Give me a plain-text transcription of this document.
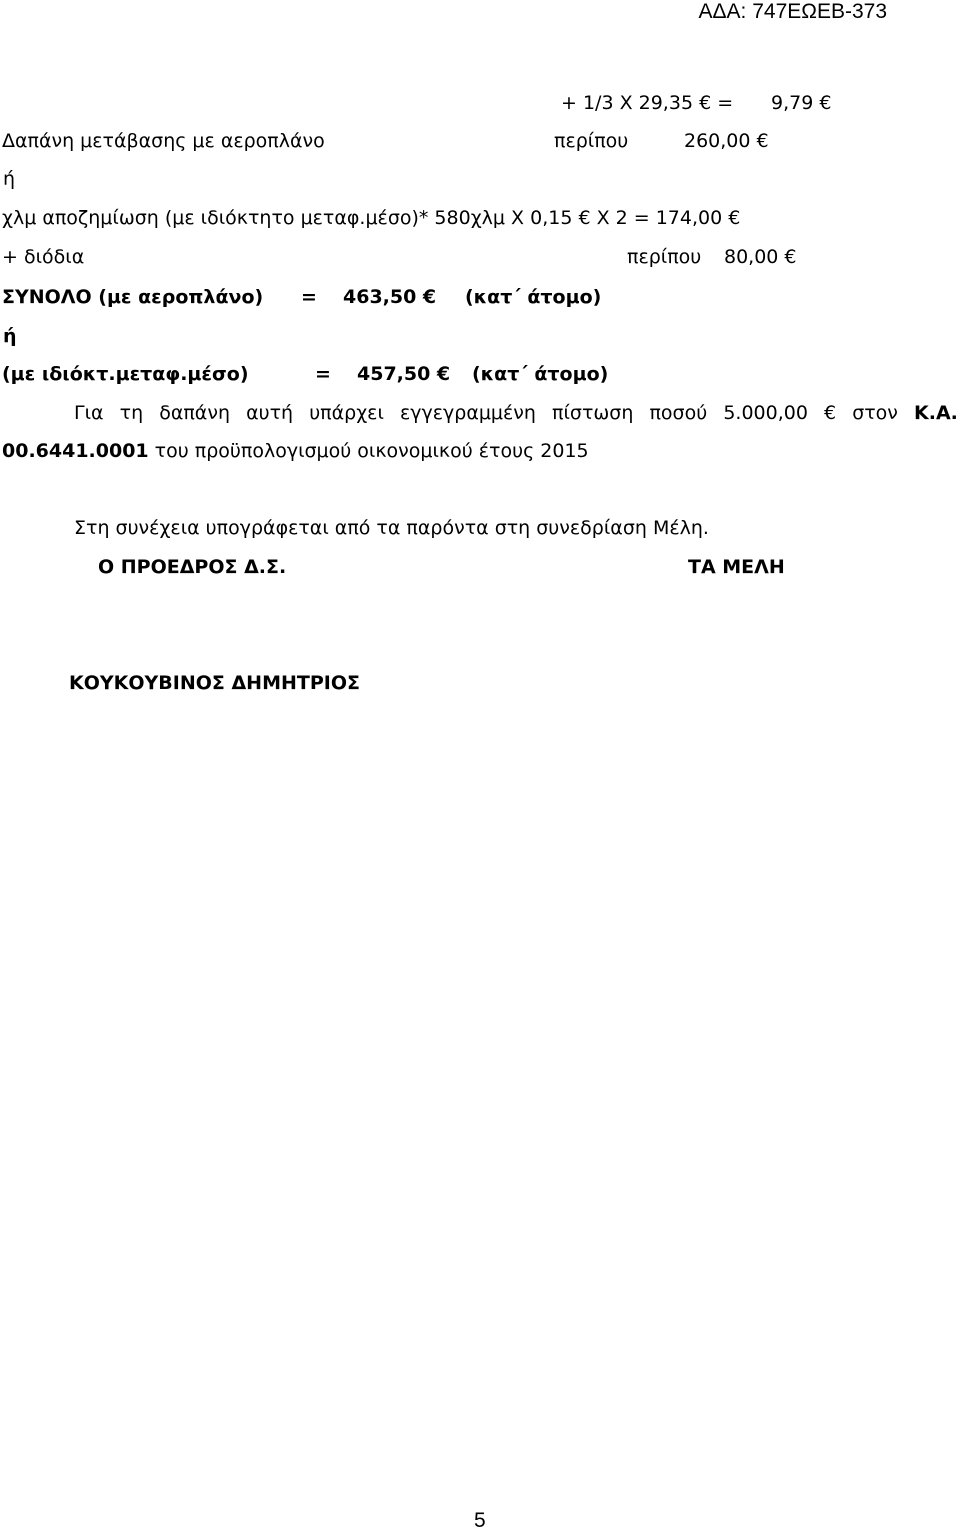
ΑΔΑ: 747ΕΩΕΒ-373
+ 1/3 Χ 29,35 € = 9,79 €
Δαπάνη μετάβασης με αεροπλάνο	περίπου	260,00 €
ή
χλμ αποζημίωση (με ιδιόκτητο μεταφ.μέσο)* 580χλμ Χ 0,15 € Χ 2 = 174,00 €
+ διόδια	περίπου 80,00 €
ΣΥΝΟΛΟ (με αεροπλάνο) = 463,50 € (κατ΄ άτομο)
ή
(με ιδιόκτ.μεταφ.μέσο)	= 457,50 € (κατ΄ άτομο)
Για τη δαπάνη αυτή υπάρχει εγγεγραμμένη πίστωση ποσού 5.000,00 € στον Κ.Α.
00.6441.0001 του προϋπολογισμού οικονομικού έτους 2015
Στη συνέχεια υπογράφεται από τα παρόντα στη συνεδρίαση Μέλη.
Ο ΠΡΟΕΔΡΟΣ Δ.Σ.	ΤΑ ΜΕΛΗ
ΚΟΥΚΟΥΒΙΝΟΣ ΔΗΜΗΤΡΙΟΣ
5
